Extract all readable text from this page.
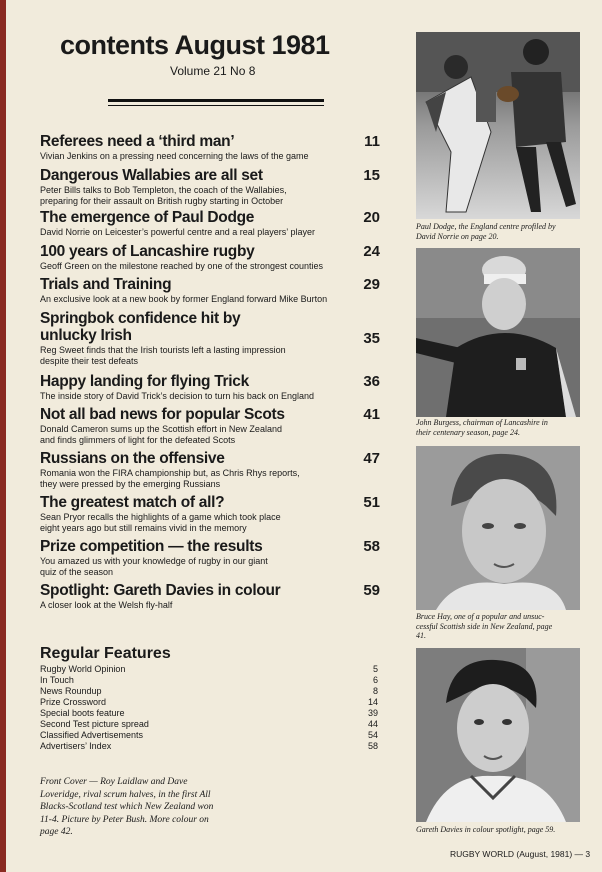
contents August 1981
Volume 21 No 8
Referees need a ‘third man’	11
Vivian Jenkins on a pressing need concerning the laws of the game
Dangerous Wallabies are all set	15
Peter Bills talks to Bob Templeton, the coach of the Wallabies,
preparing for their assault on British rugby starting in October
The emergence of Paul Dodge	20
David Norrie on Leicester’s powerful centre and a real players’ player
100 years of Lancashire rugby	24
Geoff Green on the milestone reached by one of the strongest counties
Trials and Training	29
An exclusive look at a new book by former England forward Mike Burton
Springbok confidence hit by
unlucky Irish	35
Reg Sweet finds that the Irish tourists left a lasting impression
despite their test defeats
Happy landing for flying Trick	36
The inside story of David Trick’s decision to turn his back on England
Not all bad news for popular Scots	41
Donald Cameron sums up the Scottish effort in New Zealand
and finds glimmers of light for the defeated Scots
Russians on the offensive	47
Romania won the FIRA championship but, as Chris Rhys reports,
they were pressed by the emerging Russians
The greatest match of all?	51
Sean Pryor recalls the highlights of a game which took place
eight years ago but still remains vivid in the memory
Prize competition — the results	58
You amazed us with your knowledge of rugby in our giant
quiz of the season
Spotlight: Gareth Davies in colour	59
A closer look at the Welsh fly-half
Regular Features
Rugby World Opinion	5
In Touch	6
News Roundup	8
Prize Crossword	14
Special boots feature	39
Second Test picture spread	44
Classified Advertisements	54
Advertisers’ Index	58
Front Cover — Roy Laidlaw and Dave
Loveridge, rival scrum halves, in the first All
Blacks-Scotland test which New Zealand won
11-4. Picture by Peter Bush. More colour on
page 42.
Paul Dodge, the England centre profiled by
David Norrie on page 20.
John Burgess, chairman of Lancashire in
their centenary season, page 24.
Bruce Hay, one of a popular and unsuc-
cessful Scottish side in New Zealand, page
41.
Gareth Davies in colour spotlight, page 59.
RUGBY WORLD (August, 1981) — 3
